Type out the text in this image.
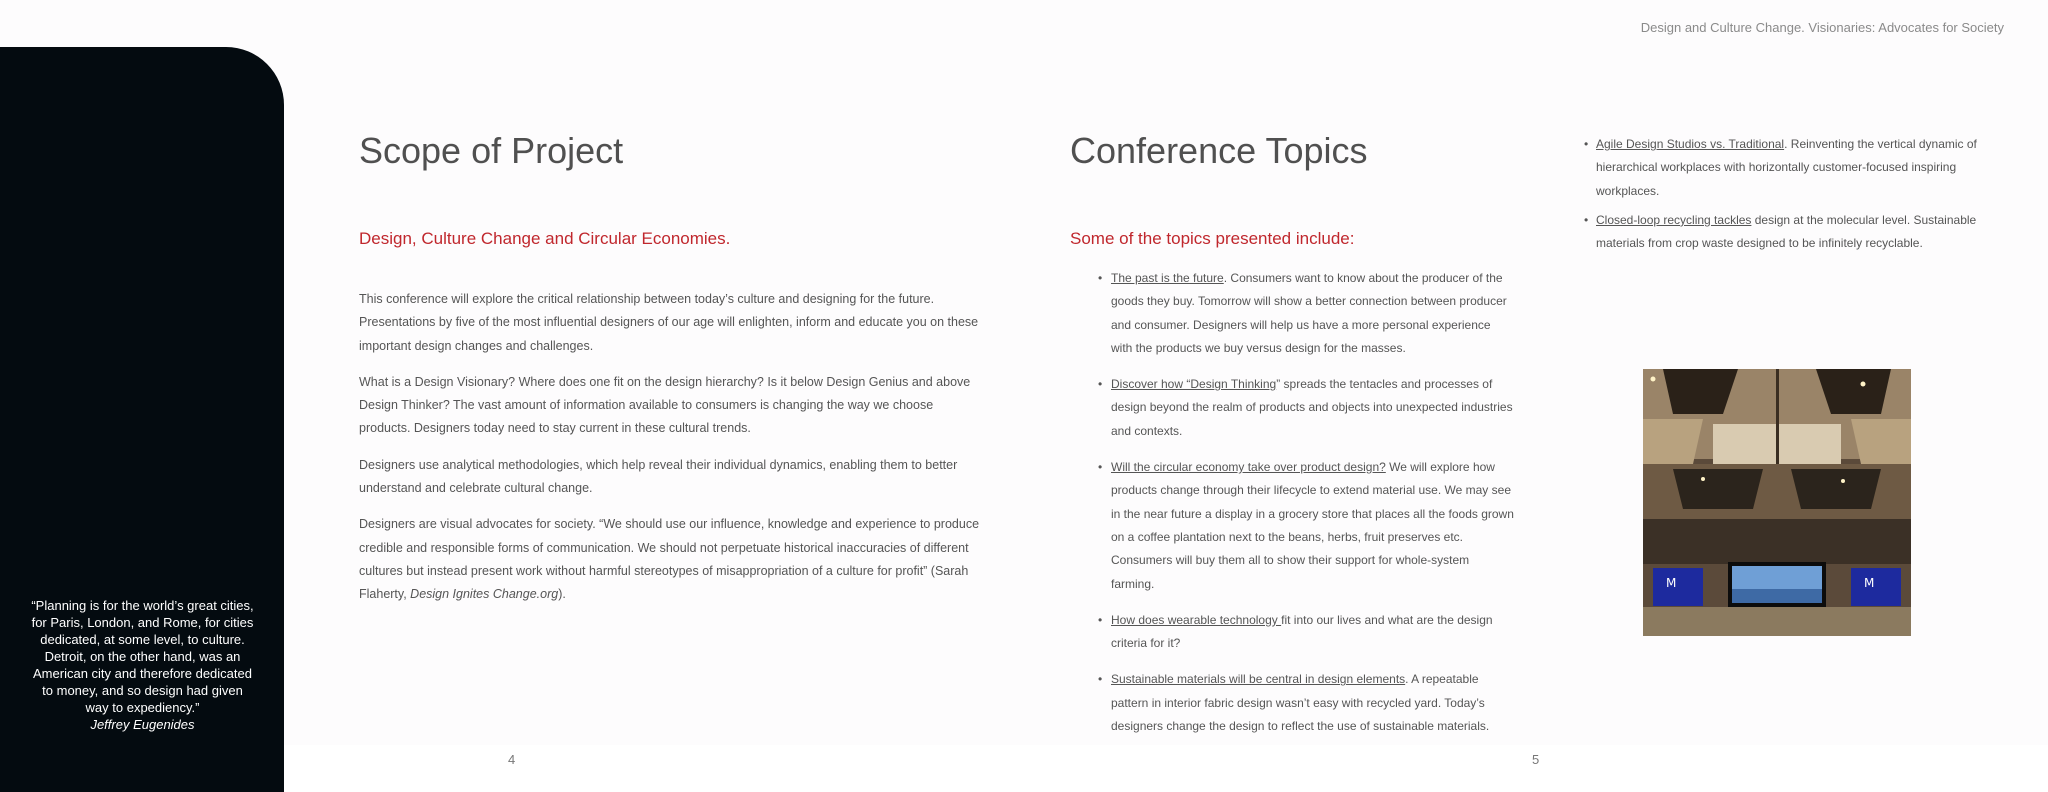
Design and Culture Change. Visionaries: Advocates for Society
“Planning is for the world’s great cities, for Paris, London, and Rome, for cities dedicated, at some level, to culture. Detroit, on the other hand, was an American city and therefore dedicated to money, and so design had given way to expediency.”
Jeffrey Eugenides
Scope of Project
Design, Culture Change and Circular Economies.

This conference will explore the critical relationship between today’s culture and designing for the future. Presentations by five of the most influential designers of our age will enlighten, inform and educate you on these important design changes and challenges.

What is a Design Visionary? Where does one fit on the design hierarchy? Is it below Design Genius and above Design Thinker? The vast amount of information available to consumers is changing the way we choose products. Designers today need to stay current in these cultural trends.

Designers use analytical methodologies, which help reveal their individual dynamics, enabling them to better understand and celebrate cultural change.

Designers are visual advocates for society. “We should use our influence, knowledge and experience to produce credible and responsible forms of communication. We should not perpetuate historical inaccuracies of different cultures but instead present work without harmful stereotypes of misappropriation of a culture for profit” (Sarah Flaherty, Design Ignites Change.org).

Conference Topics
Some of the topics presented include:
• The past is the future. Consumers want to know about the producer of the goods they buy. Tomorrow will show a better connection between producer and consumer. Designers will help us have a more personal experience with the products we buy versus design for the masses.
• Discover how “Design Thinking” spreads the tentacles and processes of design beyond the realm of products and objects into unexpected industries and contexts.
• Will the circular economy take over product design? We will explore how products change through their lifecycle to extend material use. We may see in the near future a display in a grocery store that places all the foods grown on a coffee plantation next to the beans, herbs, fruit preserves etc. Consumers will buy them all to show their support for whole-system farming.
• How does wearable technology fit into our lives and what are the design criteria for it?
• Sustainable materials will be central in design elements. A repeatable pattern in interior fabric design wasn’t easy with recycled yard. Today’s designers change the design to reflect the use of sustainable materials.
• Agile Design Studios vs. Traditional. Reinventing the vertical dynamic of hierarchical workplaces with horizontally customer-focused inspiring workplaces.
• Closed-loop recycling tackles design at the molecular level. Sustainable materials from crop waste designed to be infinitely recyclable.
M	M
4	5
